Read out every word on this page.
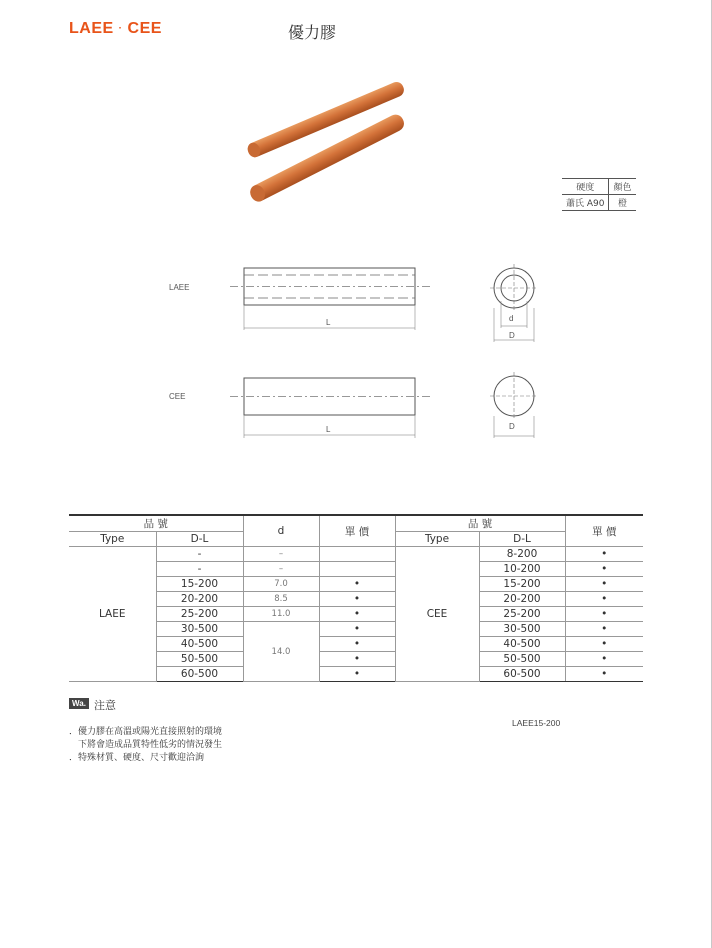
LAEE · CEE	優力膠
硬度	顏色
蕭氏 A90	橙
LAEE
L	d
D
CEE
L	D
品 號		d	單 價	品 號		單 價
Type	D-L			Type	D-L	
LAEE	-	–		CEE	8-200	•
	-	–			10-200	•
	15-200	7.0	•		15-200	•
	20-200	8.5	•		20-200	•
	25-200	11.0	•		25-200	•
	30-500	14.0	•		30-500	•
	40-500		•		40-500	•
	50-500		•		50-500	•
	60-500		•		60-500	•
Wa. 注意
．優力膠在高溫或陽光直接照射的環境
　下將會造成品質特性低劣的情況發生
．特殊材質、硬度、尺寸歡迎洽詢
LAEE15-200
